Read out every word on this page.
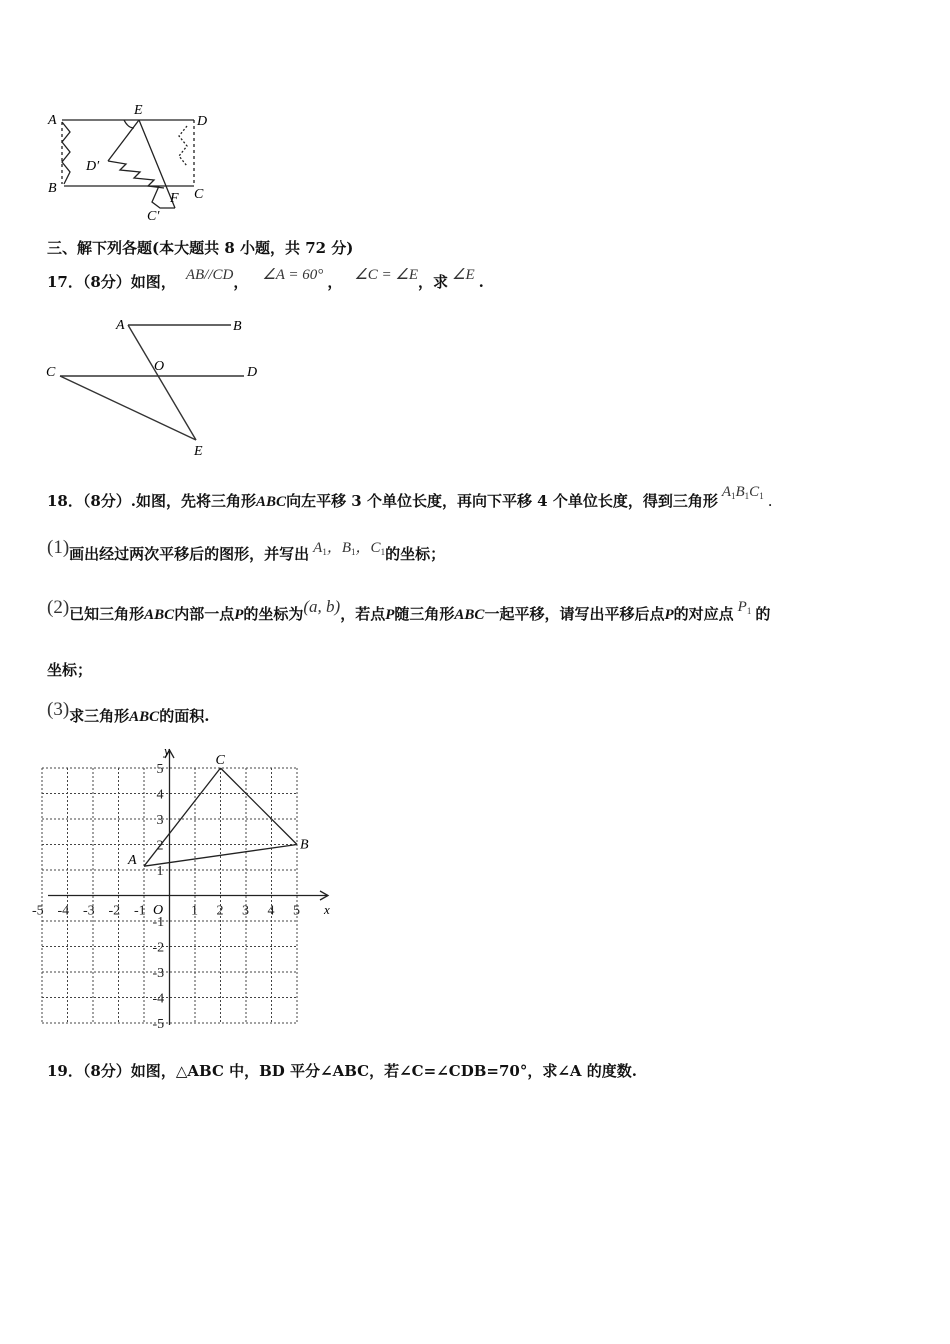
A
E
D
B	C
D′
C′
F
三、解下列各题(本大题共 8 小题，共 72 分)
17．（8分）如图， AB//CD， ∠A = 60° ， ∠C = ∠E，求 ∠E .
A	B
C	O	D
E
18．（8分）.如图，先将三角形ABC向左平移 3 个单位长度，再向下平移 4 个单位长度，得到三角形 $A_1B_1C_1$ .
(1)画出经过两次平移后的图形，并写出 $A_1$，$B_1$，$C_1$的坐标；
(2)已知三角形ABC内部一点P的坐标为(a, b)，若点P随三角形ABC一起平移，请写出平移后点P的对应点 $P_1$ 的
坐标；
(3)求三角形ABC的面积.
-5 -4 -3 -2 -1	1 2 3 4 5
1
2
3
4
5
-1
-2
-3
-4
-5
O	x
y
A
B
C
19．（8分）如图，△ABC 中，BD 平分∠ABC，若∠C=∠CDB=70°，求∠A 的度数.
